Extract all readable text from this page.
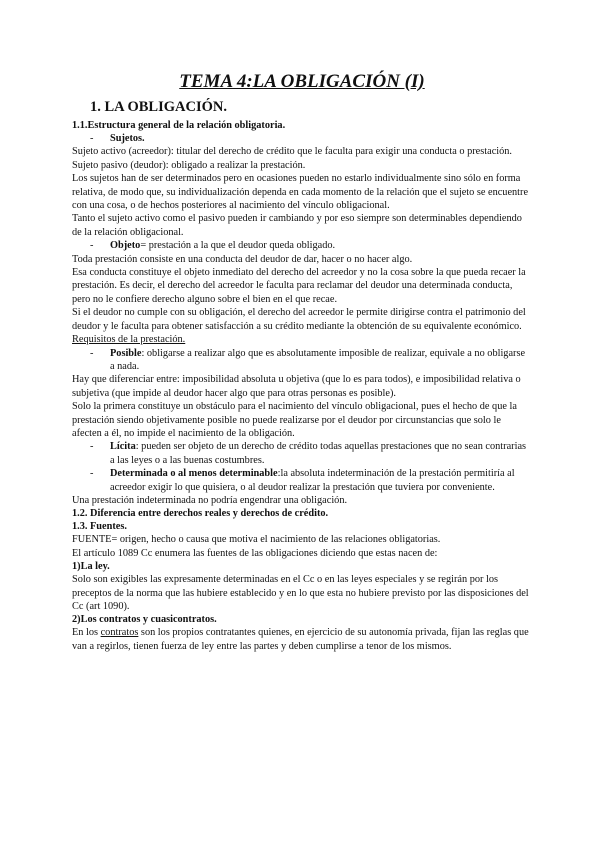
TEMA 4:LA OBLIGACIÓN (I)
1. LA OBLIGACIÓN.
1.1.Estructura general de la relación obligatoria.
-	Sujetos.

Sujeto activo (acreedor): titular del derecho de crédito que le faculta para exigir una conducta o prestación.

Sujeto pasivo (deudor): obligado a realizar la prestación.

Los sujetos han de ser determinados pero en ocasiones pueden no estarlo individualmente sino sólo en forma relativa, de modo que, su individualización dependa en cada momento de la relación que el sujeto se encuentre con una cosa, o de hechos posteriores al nacimiento del vínculo obligacional.

Tanto el sujeto activo como el pasivo pueden ir cambiando y por eso siempre son determinables dependiendo de la relación obligacional.

-	Objeto= prestación a la que el deudor queda obligado.

Toda prestación consiste en una conducta del deudor de dar, hacer o no hacer algo.

Esa conducta constituye el objeto inmediato del derecho del acreedor y no la cosa sobre la que pueda recaer la prestación. Es decir, el derecho del acreedor le faculta para reclamar del deudor una determinada conducta, pero no le confiere derecho alguno sobre el bien en el que recae.

Si el deudor no cumple con su obligación, el derecho del acreedor le permite dirigirse contra el patrimonio del deudor y le faculta para obtener satisfacción a su crédito mediante la obtención de su equivalente económico.

Requisitos de la prestación.

-	Posible: obligarse a realizar algo que es absolutamente imposible de realizar, equivale a no obligarse a nada.

Hay que diferenciar entre: imposibilidad absoluta u objetiva (que lo es para todos), e imposibilidad relativa o subjetiva (que impide al deudor hacer algo que para otras personas es posible).

Solo la primera constituye un obstáculo para el nacimiento del vínculo obligacional, pues el hecho de que la prestación siendo objetivamente posible no puede realizarse por el deudor por circunstancias que solo le afecten a él, no impide el nacimiento de la obligación.

-	Lícita: pueden ser objeto de un derecho de crédito todas aquellas prestaciones que no sean contrarias a las leyes o a las buenas costumbres.
-	Determinada o al menos determinable:la absoluta indeterminación de la prestación permitiría al acreedor exigir lo que quisiera, o al deudor realizar la prestación que tuviera por conveniente.

Una prestación indeterminada no podría engendrar una obligación.

1.2. Diferencia entre derechos reales y derechos de crédito.
1.3. Fuentes.

FUENTE= origen, hecho o causa que motiva el nacimiento de las relaciones obligatorias.

El artículo 1089 Cc enumera las fuentes de las obligaciones diciendo que estas nacen de:

1)La ley.

Solo son exigibles las expresamente determinadas en el Cc o en las leyes especiales y se regirán por los preceptos de la norma que las hubiere establecido y en lo que esta no hubiere previsto por las disposiciones del Cc (art 1090).

2)Los contratos y cuasicontratos.

En los contratos son los propios contratantes quienes, en ejercicio de su autonomía privada, fijan las reglas que van a regirlos, tienen fuerza de ley entre las partes y deben cumplirse a tenor de los mismos.
